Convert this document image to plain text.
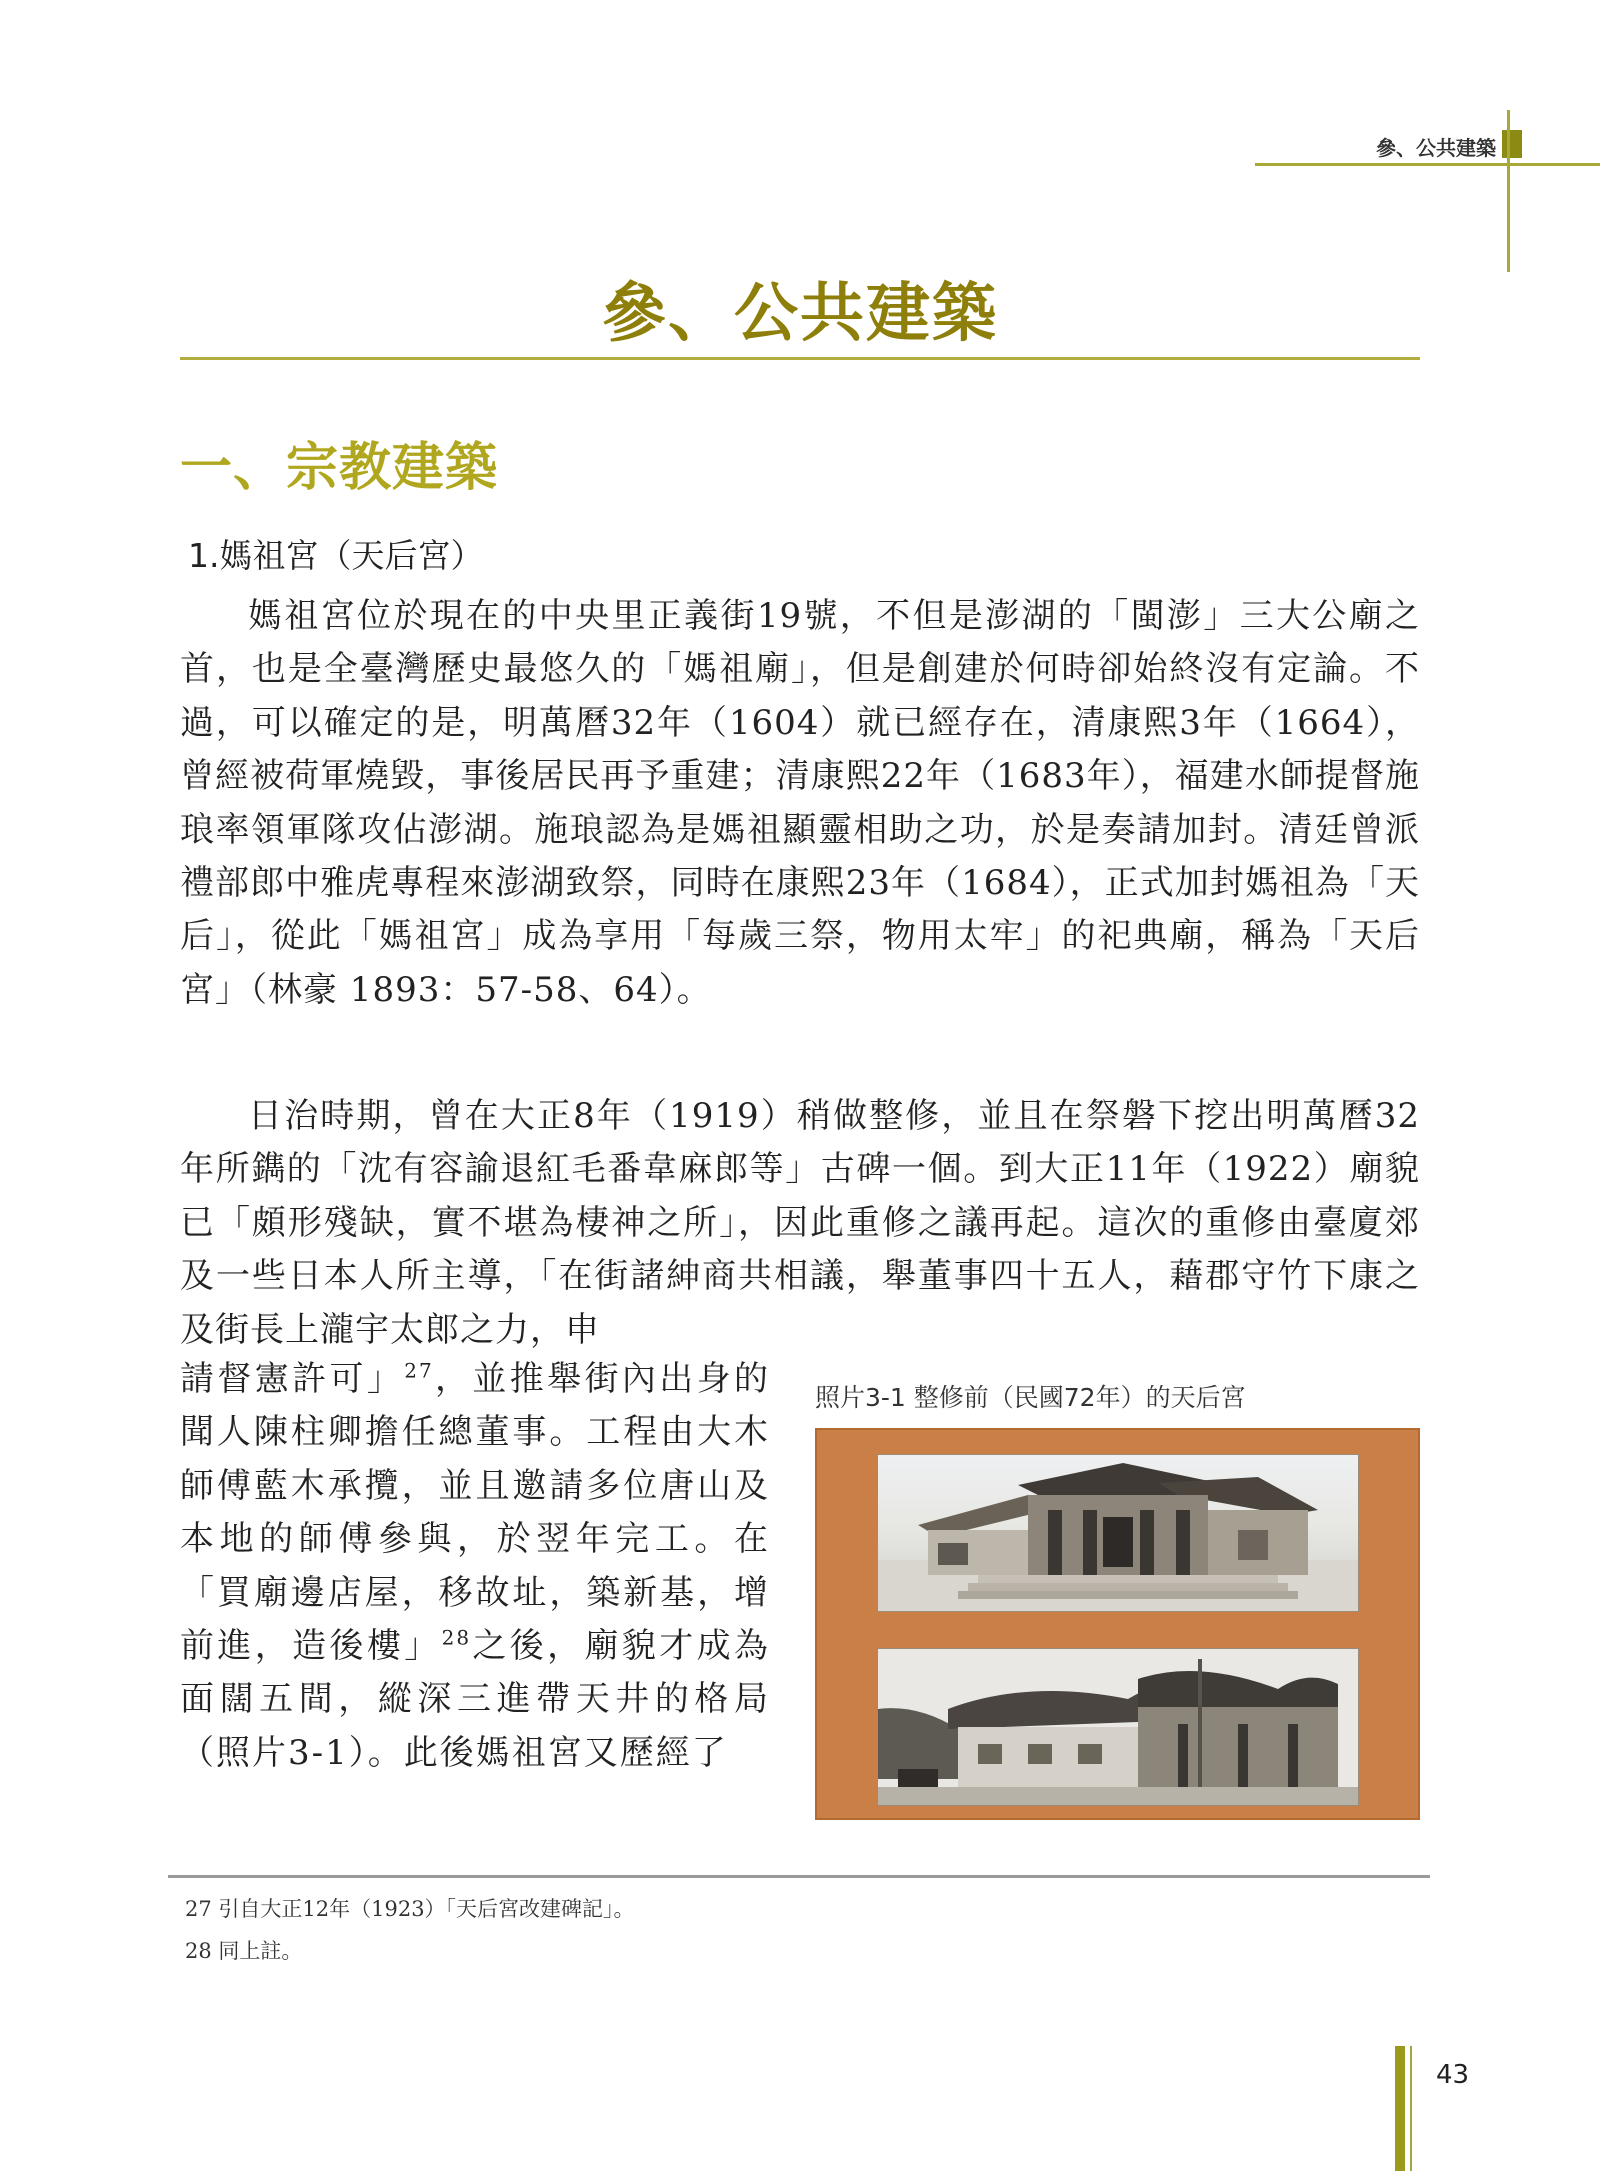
參、公共建築
參、公共建築
一、宗教建築
1.媽祖宮（天后宮）

媽祖宮位於現在的中央里正義街19號，不但是澎湖的「閩澎」三大公廟之首，也是全臺灣歷史最悠久的「媽祖廟」，但是創建於何時卻始終沒有定論。不過，可以確定的是，明萬曆32年（1604）就已經存在，清康熙3年（1664），曾經被荷軍燒毀，事後居民再予重建；清康熙22年（1683年），福建水師提督施琅率領軍隊攻佔澎湖。施琅認為是媽祖顯靈相助之功，於是奏請加封。清廷曾派禮部郎中雅虎專程來澎湖致祭，同時在康熙23年（1684），正式加封媽祖為「天后」，從此「媽祖宮」成為享用「每歲三祭，物用太牢」的祀典廟，稱為「天后宮」（林豪 1893：57-58、64）。

日治時期，曾在大正8年（1919）稍做整修，並且在祭磐下挖出明萬曆32年所鐫的「沈有容諭退紅毛番韋麻郎等」古碑一個。到大正11年（1922）廟貌已「頗形殘缺，實不堪為棲神之所」，因此重修之議再起。這次的重修由臺廈郊及一些日本人所主導，「在街諸紳商共相議，舉董事四十五人，藉郡守竹下康之及街長上瀧宇太郎之力，申

請督憲許可」$^{27}$，並推舉街內出身的聞人陳柱卿擔任總董事。工程由大木師傅藍木承攬，並且邀請多位唐山及本地的師傅參與，於翌年完工。在「買廟邊店屋，移故址，築新基，增前進，造後樓」$^{28}$之後，廟貌才成為面闊五間，縱深三進帶天井的格局（照片3-1）。此後媽祖宮又歷經了

照片3-1 整修前（民國72年）的天后宮
27 引自大正12年（1923）「天后宮改建碑記」。
28 同上註。
43
